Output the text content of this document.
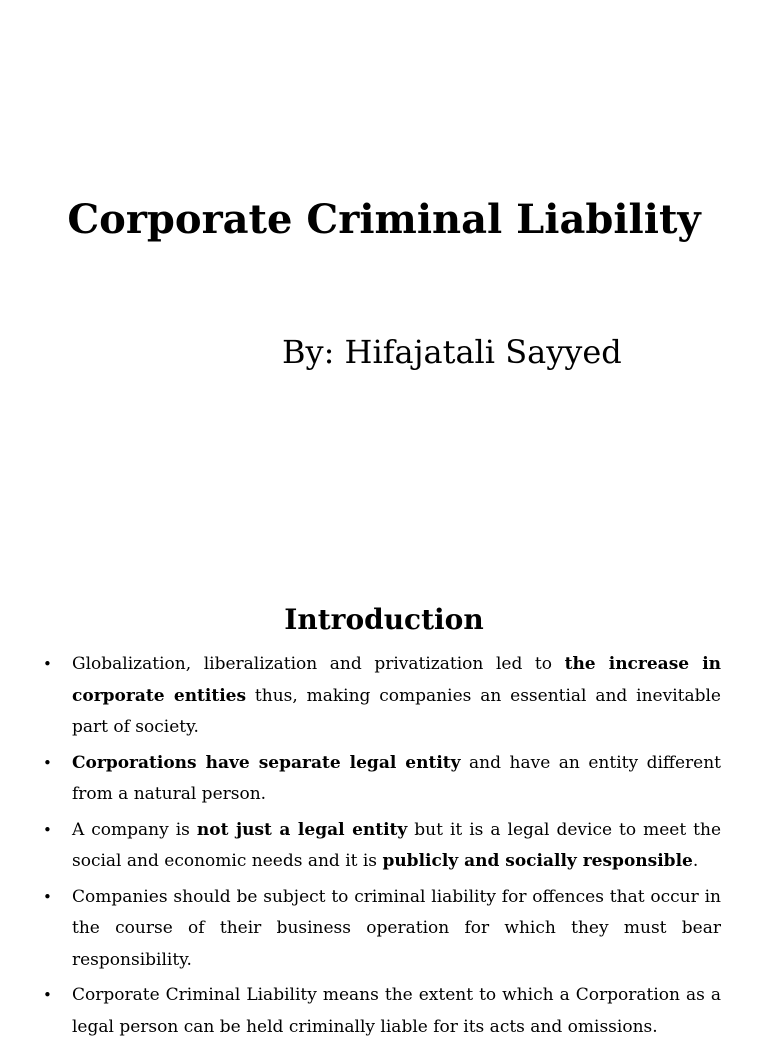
Corporate Criminal Liability
By: Hifajatali Sayyed
Introduction
• Globalization, liberalization and privatization led to the increase in corporate entities thus, making companies an essential and inevitable part of society.
• Corporations have separate legal entity and have an entity different from a natural person.
• A company is not just a legal entity but it is a legal device to meet the social and economic needs and it is publicly and socially responsible.
• Companies should be subject to criminal liability for offences that occur in the course of their business operation for which they must bear responsibility.
• Corporate Criminal Liability means the extent to which a Corporation as a legal person can be held criminally liable for its acts and omissions.
